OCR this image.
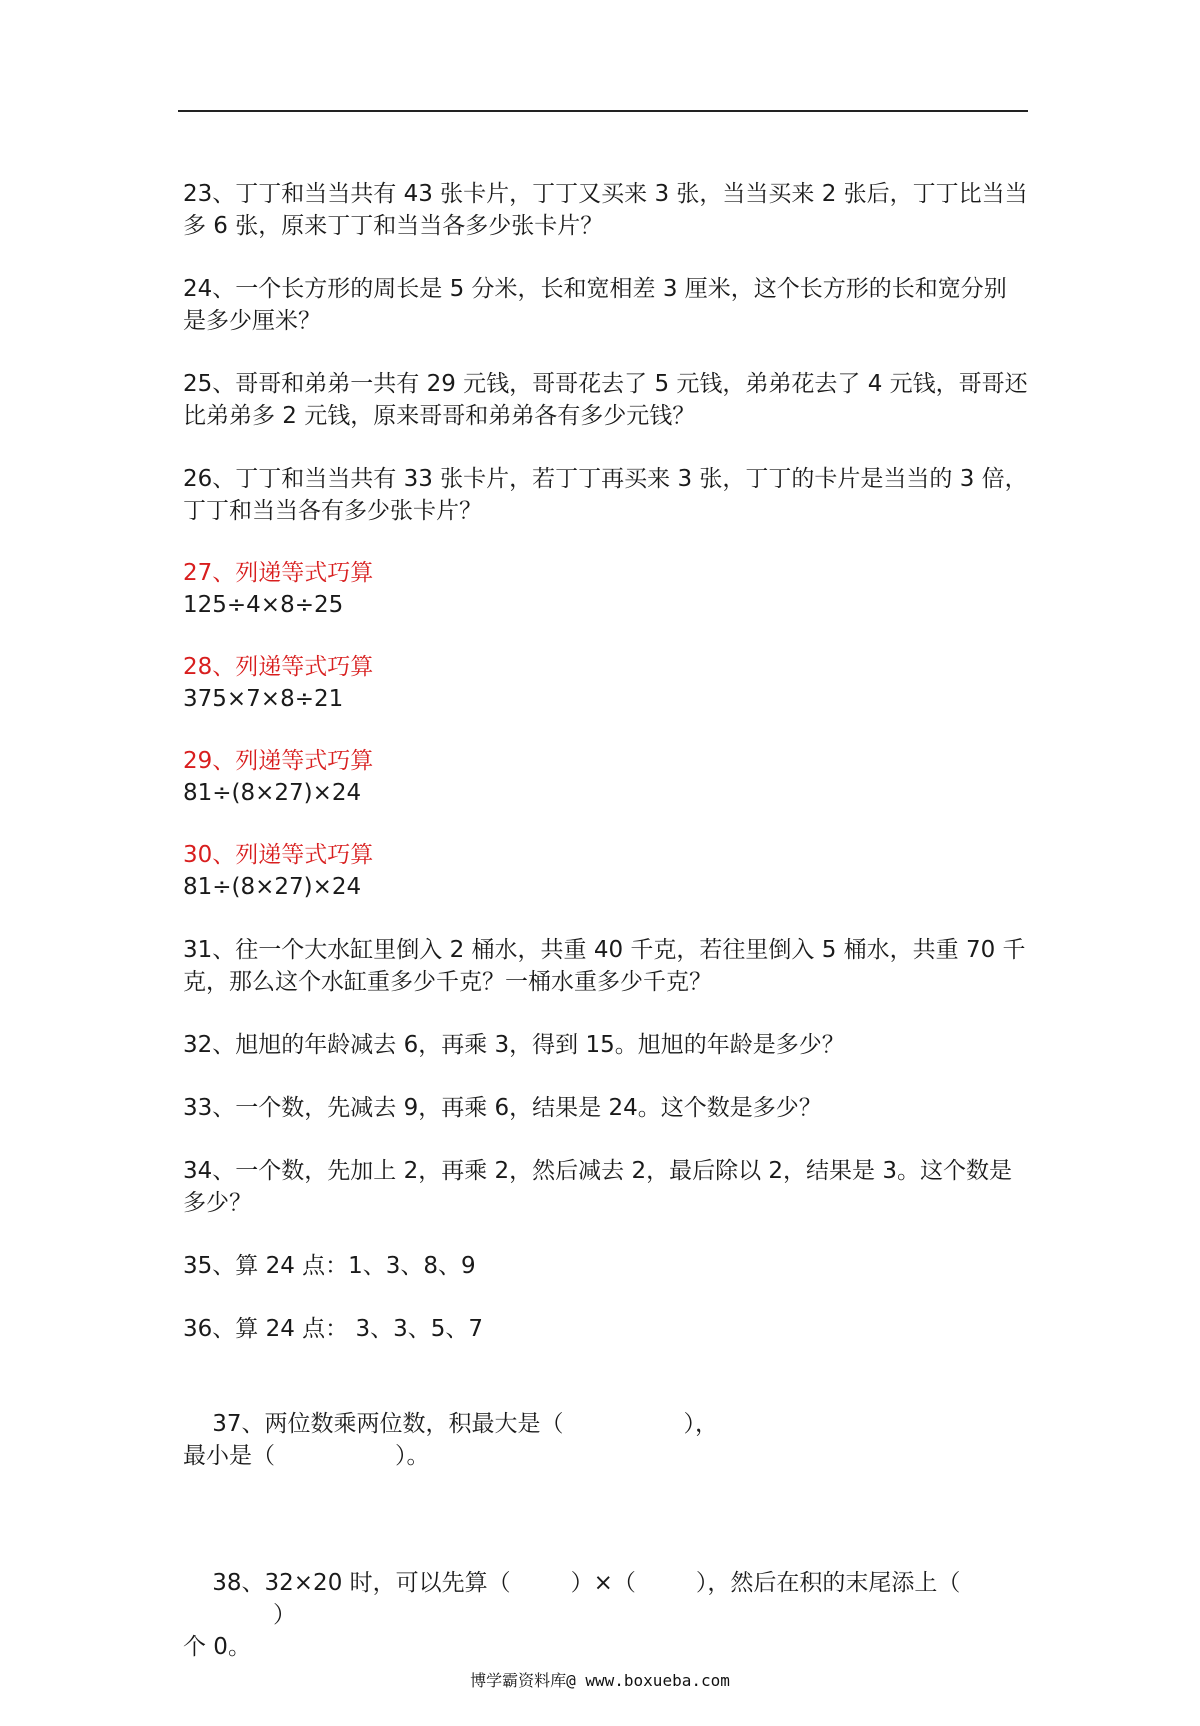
23、丁丁和当当共有 43 张卡片，丁丁又买来 3 张，当当买来 2 张后，丁丁比当当多 6 张，原来丁丁和当当各多少张卡片？

24、一个长方形的周长是 5 分米，长和宽相差 3 厘米，这个长方形的长和宽分别是多少厘米？

25、哥哥和弟弟一共有 29 元钱，哥哥花去了 5 元钱，弟弟花去了 4 元钱，哥哥还比弟弟多 2 元钱，原来哥哥和弟弟各有多少元钱？

26、丁丁和当当共有 33 张卡片，若丁丁再买来 3 张，丁丁的卡片是当当的 3 倍，丁丁和当当各有多少张卡片？

27、列递等式巧算

125÷4×8÷25

28、列递等式巧算

375×7×8÷21

29、列递等式巧算

81÷(8×27)×24

30、列递等式巧算

81÷(8×27)×24

31、往一个大水缸里倒入 2 桶水，共重 40 千克，若往里倒入 5 桶水，共重 70 千克，那么这个水缸重多少千克？一桶水重多少千克？

32、旭旭的年龄减去 6，再乘 3，得到 15。旭旭的年龄是多少？

33、一个数，先减去 9，再乘 6，结果是 24。这个数是多少？

34、一个数，先加上 2，再乘 2，然后减去 2，最后除以 2，结果是 3。这个数是多少？

35、算 24 点：1、3、8、9

36、算 24 点： 3、3、5、7

37、两位数乘两位数，积最大是（	），
最小是（	）。

38、32×20 时，可以先算（	）×（	），然后在积的末尾添上（）
个 0。

博学霸资料库@ www.boxueba.com
